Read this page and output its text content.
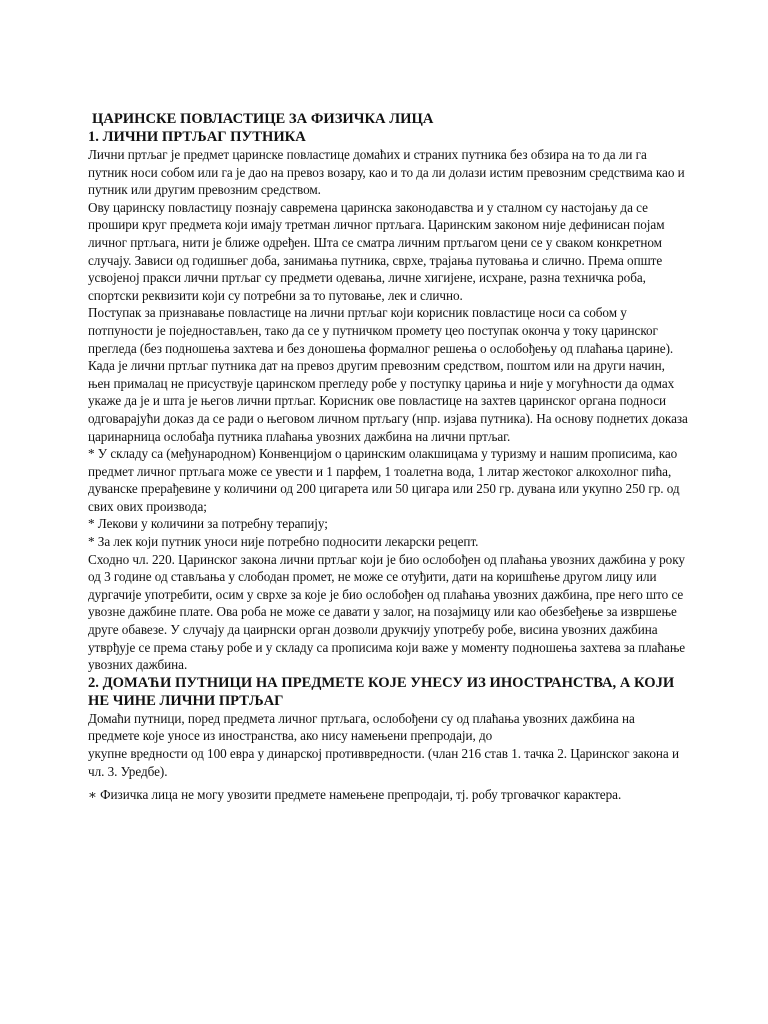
ЦАРИНСКЕ ПОВЛАСТИЦЕ ЗА ФИЗИЧКА ЛИЦА

1. ЛИЧНИ ПРТЉАГ ПУТНИКА

Лични пртљаг је предмет царинске повластице домаћих и страних путника без обзира на то да ли га путник носи собом или га је дао на превоз возару, као и то да ли долази истим превозним средствима као и путник или другим превозним средством.

Ову царинску повластицу познају савремена царинска законодавства и у сталном су настојању да се прошири круг предмета који имају третман личног пртљага. Царинским законом није дефинисан појам личног пртљага, нити је ближе одређен. Шта се сматра личним пртљагом цени се у сваком конкретном случају. Зависи од годишњег доба, занимања путника, сврхе, трајања путовања и слично. Према опште усвојеној пракси лични пртљаг су предмети одевања, личне хигијене, исхране, разна техничка роба, спортски реквизити који су потребни за то путовање, лек и слично.

Поступак за признавање повластице на лични пртљаг који корисник повластице носи са собом у потпуности је поједностављен, тако да се у путничком промету цео поступак оконча у току царинског прегледа (без подношења захтева и без доношења формалног решења о ослобођењу од плаћања царине).

Када је лични пртљаг путника дат на превоз другим превозним средством, поштом или на други начин, њен прималац не присуствује царинском прегледу робе у поступку цариња и није у могућности да одмах укаже да је и шта је његов лични пртљаг. Корисник ове повластице на захтев царинског органа подноси одговарајући доказ да се ради о његовом личном пртљагу (нпр. изјава путника). На основу поднетих доказа царинарница ослобађа путника плаћања увозних дажбина на лични пртљаг.

* У складу са (међународном) Конвенцијом о царинским олакшицама у туризму и нашим прописима, као предмет личног пртљага може се увести и 1 парфем, 1 тоалетна вода, 1 литар жестоког алкохолног пића, дуванске прерађевине у количини од 200 цигарета или 50 цигара или 250 гр. дувана или укупно 250 гр. од свих ових производа;

* Лекови у количини за потребну терапију;

* За лек који путник уноси није потребно подносити лекарски рецепт.

Сходно чл. 220. Царинског закона лични пртљаг који је био ослобођен од плаћања увозних дажбина у року од 3 године од стављања у слободан промет, не може се отуђити, дати на коришћење другом лицу или дургачије употребити, осим у сврхе за које је био ослобођен од плаћања увозних дажбина, пре него што се увозне дажбине плате. Ова роба не може се давати у залог, на позајмицу или као обезбеђење за извршење друге обавезе. У случају да цаирнски орган дозволи друкчију употребу робе, висина увозних дажбина утврђује се према стању робе и у складу са прописима који важе у моменту подношења захтева за плаћање увозних дажбина.

2. ДОМАЋИ ПУТНИЦИ НА ПРЕДМЕТЕ КОЈЕ УНЕСУ ИЗ ИНОСТРАНСТВА, А КОЈИ НЕ ЧИНЕ ЛИЧНИ ПРТЉАГ

Домаћи путници, поред предмета личног пртљага, ослобођени су од плаћања увозних дажбина на предмете које уносе из иностранства, ако нису намењени препродаји, до

укупне вредности од 100 евра у динарској противвредности. (члан 216 став 1. тачка 2. Царинског закона и чл. 3. Уредбе).

∗ Физичка лица не могу увозити предмете намењене препродаји, тј. робу трговачког карактера.
